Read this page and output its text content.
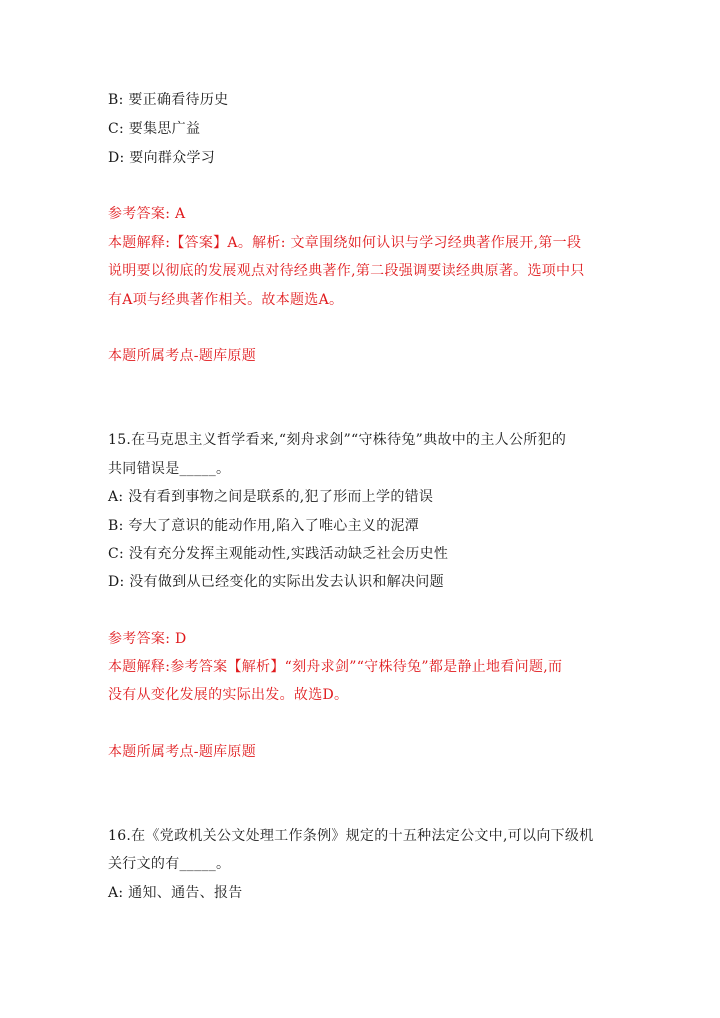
B: 要正确看待历史
C: 要集思广益
D: 要向群众学习
参考答案: A
本题解释:【答案】A。解析: 文章围绕如何认识与学习经典著作展开,第一段
说明要以彻底的发展观点对待经典著作,第二段强调要读经典原著。选项中只
有A项与经典著作相关。故本题选A。
本题所属考点-题库原题
15.在马克思主义哲学看来,“刻舟求剑”“守株待兔”典故中的主人公所犯的
共同错误是_____。
A: 没有看到事物之间是联系的,犯了形而上学的错误
B: 夸大了意识的能动作用,陷入了唯心主义的泥潭
C: 没有充分发挥主观能动性,实践活动缺乏社会历史性
D: 没有做到从已经变化的实际出发去认识和解决问题
参考答案: D
本题解释:参考答案【解析】“刻舟求剑”“守株待兔”都是静止地看问题,而
没有从变化发展的实际出发。故选D。
本题所属考点-题库原题
16.在《党政机关公文处理工作条例》规定的十五种法定公文中,可以向下级机
关行文的有_____。
A: 通知、通告、报告
